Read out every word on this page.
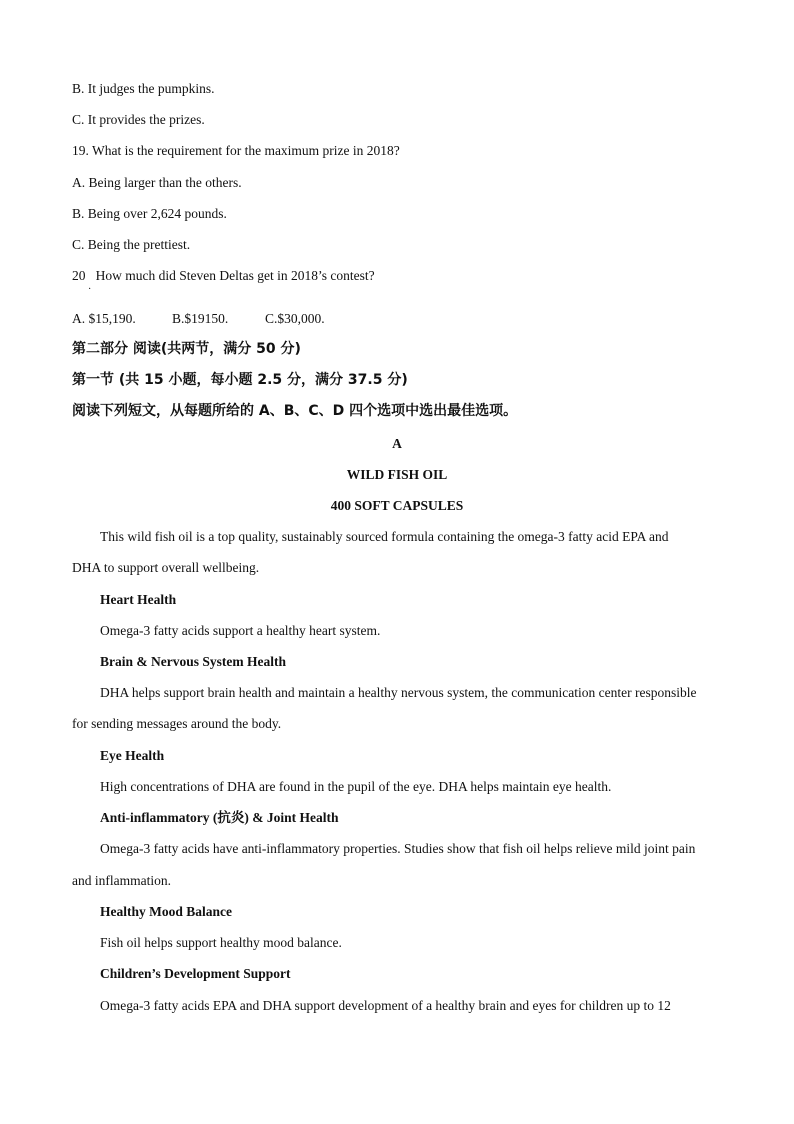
B. It judges the pumpkins.
C. It provides the prizes.
19. What is the requirement for the maximum prize in 2018?
A. Being larger than the others.
B. Being over 2,624 pounds.
C. Being the prettiest.
20 How much did Steven Deltas get in 2018’s contest?
·
A. $15,190.	B.$19150.	C.$30,000.
第二部分 阅读(共两节，满分 50 分)
第一节 (共 15 小题，每小题 2.5 分，满分 37.5 分)
阅读下列短文，从每题所给的 A、B、C、D 四个选项中选出最佳选项。
A
WILD FISH OIL
400 SOFT CAPSULES
This wild fish oil is a top quality, sustainably sourced formula containing the omega-3 fatty acid EPA and
DHA to support overall wellbeing.
Heart Health
Omega-3 fatty acids support a healthy heart system.
Brain & Nervous System Health
DHA helps support brain health and maintain a healthy nervous system, the communication center responsible
for sending messages around the body.
Eye Health
High concentrations of DHA are found in the pupil of the eye. DHA helps maintain eye health.
Anti-inflammatory (抗炎) & Joint Health
Omega-3 fatty acids have anti-inflammatory properties. Studies show that fish oil helps relieve mild joint pain
and inflammation.
Healthy Mood Balance
Fish oil helps support healthy mood balance.
Children’s Development Support
Omega-3 fatty acids EPA and DHA support development of a healthy brain and eyes for children up to 12
